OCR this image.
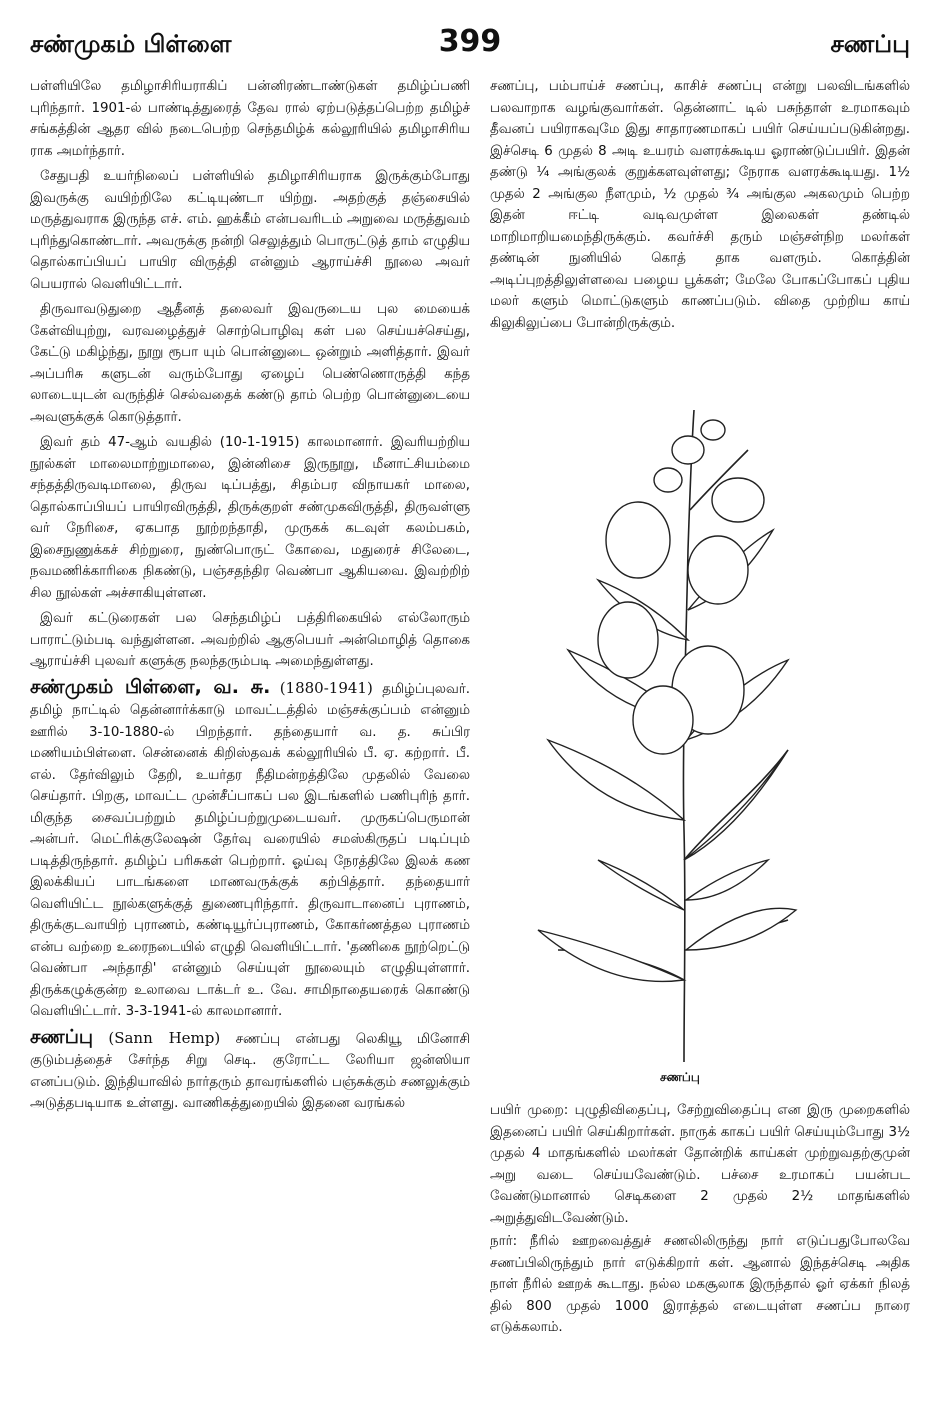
சண்முகம் பிள்ளை	399	சணப்பு

பள்ளியிலே தமிழாசிரியராகிப் பன்னிரண்டாண்டுகள் தமிழ்ப்பணி புரிந்தார். 1901-ல் பாண்டித்துரைத் தேவ ரால் ஏற்படுத்தப்பெற்ற தமிழ்ச் சங்கத்தின் ஆதர வில் நடைபெற்ற செந்தமிழ்க் கல்லூரியில் தமிழாசிரிய ராக அமர்ந்தார்.

சேதுபதி உயர்நிலைப் பள்ளியில் தமிழாசிரியராக இருக்கும்போது இவருக்கு வயிற்றிலே கட்டியுண்டா யிற்று. அதற்குத் தஞ்சையில் மருத்துவராக இருந்த எச். எம். ஹக்கீம் என்பவரிடம் அறுவை மருத்துவம் புரிந்துகொண்டார். அவருக்கு நன்றி செலுத்தும் பொருட்டுத் தாம் எழுதிய தொல்காப்பியப் பாயிர விருத்தி என்னும் ஆராய்ச்சி நூலை அவர் பெயரால் வெளியிட்டார்.

திருவாவடுதுறை ஆதீனத் தலைவர் இவருடைய புல மையைக் கேள்வியுற்று, வரவழைத்துச் சொற்பொழிவு கள் பல செய்யச்செய்து, கேட்டு மகிழ்ந்து, நூறு ரூபா யும் பொன்னுடை ஒன்றும் அளித்தார். இவர் அப்பரிசு களுடன் வரும்போது ஏழைப் பெண்ணொருத்தி கந்த லாடையுடன் வருந்திச் செல்வதைக் கண்டு தாம் பெற்ற பொன்னுடையை அவளுக்குக் கொடுத்தார்.

இவர் தம் 47-ஆம் வயதில் (10-1-1915) காலமானார். இவரியற்றிய நூல்கள் மாலைமாற்றுமாலை, இன்னிசை இருநூறு, மீனாட்சியம்மை சந்தத்திருவடிமாலை, திருவ டிப்பத்து, சிதம்பர விநாயகர் மாலை, தொல்காப்பியப் பாயிரவிருத்தி, திருக்குறள் சண்முகவிருத்தி, திருவள்ளு வர் நேரிசை, ஏகபாத நூற்றந்தாதி, முருகக் கடவுள் கலம்பகம், இசைநுணுக்கச் சிற்றுரை, நுண்பொருட் கோவை, மதுரைச் சிலேடை, நவமணிக்காரிகை நிகண்டு, பஞ்சதந்திர வெண்பா ஆகியவை. இவற்றிற் சில நூல்கள் அச்சாகியுள்ளன.

இவர் கட்டுரைகள் பல செந்தமிழ்ப் பத்திரிகையில் எல்லோரும் பாராட்டும்படி வந்துள்ளன. அவற்றில் ஆகுபெயர் அன்மொழித் தொகை ஆராய்ச்சி புலவர் களுக்கு நலந்தரும்படி அமைந்துள்ளது.

சண்முகம் பிள்ளை, வ. சு. (1880-1941) தமிழ்ப்புலவர். தமிழ் நாட்டில் தென்னார்க்காடு மாவட்டத்தில் மஞ்சக்குப்பம் என்னும் ஊரில் 3-10-1880-ல் பிறந்தார். தந்தையார் வ. த. சுப்பிர மணியம்பிள்ளை. சென்னைக் கிறிஸ்தவக் கல்லூரியில் பீ. ஏ. கற்றார். பீ. எல். தேர்விலும் தேறி, உயர்தர நீதிமன்றத்திலே முதலில் வேலை செய்தார். பிறகு, மாவட்ட முன்சீப்பாகப் பல இடங்களில் பணிபுரிந் தார். மிகுந்த சைவப்பற்றும் தமிழ்ப்பற்றுமுடையவர். முருகப்பெருமான் அன்பர். மெட்ரிக்குலேஷன் தேர்வு வரையில் சமஸ்கிருதப் படிப்பும் படித்திருந்தார். தமிழ்ப் பரிசுகள் பெற்றார். ஓய்வு நேரத்திலே இலக் கண இலக்கியப் பாடங்களை மாணவருக்குக் கற்பித்தார். தந்தையார் வெளியிட்ட நூல்களுக்குத் துணைபுரிந்தார். திருவாடானைப் புராணம், திருக்குடவாயிற் புராணம், கண்டியூர்ப்புராணம், கோகர்ணத்தல புராணம் என்ப வற்றை உரைநடையில் எழுதி வெளியிட்டார். 'தணிகை நூற்றெட்டு வெண்பா அந்தாதி' என்னும் செய்யுள் நூலையும் எழுதியுள்ளார். திருக்கழுக்குன்ற உலாவை டாக்டர் உ. வே. சாமிநாதையரைக் கொண்டு வெளியிட்டார். 3-3-1941-ல் காலமானார்.

சணப்பு (Sann Hemp) சணப்பு என்பது லெகியூ மினோசி குடும்பத்தைச் சேர்ந்த சிறு செடி. குரோட்ட லேரியா ஜன்ஸியா எனப்படும். இந்தியாவில் நார்தரும் தாவரங்களில் பஞ்சுக்கும் சணலுக்கும் அடுத்தபடியாக உள்ளது. வாணிகத்துறையில் இதனை வரங்கல்

சணப்பு, பம்பாய்ச் சணப்பு, காசிச் சணப்பு என்று பலவிடங்களில் பலவாறாக வழங்குவார்கள். தென்னாட் டில் பசுந்தாள் உரமாகவும் தீவனப் பயிராகவுமே இது சாதாரணமாகப் பயிர் செய்யப்படுகின்றது. இச்செடி 6 முதல் 8 அடி உயரம் வளரக்கூடிய ஓராண்டுப்பயிர். இதன் தண்டு ¼ அங்குலக் குறுக்களவுள்ளது; நேராக வளரக்கூடியது. 1½ முதல் 2 அங்குல நீளமும், ½ முதல் ¾ அங்குல அகலமும் பெற்ற இதன் ஈட்டி வடிவமுள்ள இலைகள் தண்டில் மாறிமாறியமைந்திருக்கும். கவர்ச்சி தரும் மஞ்சள்நிற மலர்கள் தண்டின் நுனியில் கொத் தாக வளரும். கொத்தின் அடிப்புறத்திலுள்ளவை பழைய பூக்கள்; மேலே போகப்போகப் புதிய மலர் களும் மொட்டுகளும் காணப்படும். விதை முற்றிய காய் கிலுகிலுப்பை போன்றிருக்கும்.

சணப்பு

பயிர் முறை: புழுதிவிதைப்பு, சேற்றுவிதைப்பு என இரு முறைகளில் இதனைப் பயிர் செய்கிறார்கள். நாருக் காகப் பயிர் செய்யும்போது 3½ முதல் 4 மாதங்களில் மலர்கள் தோன்றிக் காய்கள் முற்றுவதற்குமுன் அறு வடை செய்யவேண்டும். பச்சை உரமாகப் பயன்பட வேண்டுமானால் செடிகளை 2 முதல் 2½ மாதங்களில் அறுத்துவிடவேண்டும்.

நார்: நீரில் ஊறவைத்துச் சணலிலிருந்து நார் எடுப்பதுபோலவே சணப்பிலிருந்தும் நார் எடுக்கிறார் கள். ஆனால் இந்தச்செடி அதிக நாள் நீரில் ஊறக் கூடாது. நல்ல மகசூலாக இருந்தால் ஓர் ஏக்கர் நிலத் தில் 800 முதல் 1000 இராத்தல் எடையுள்ள சணப்ப நாரை எடுக்கலாம்.
